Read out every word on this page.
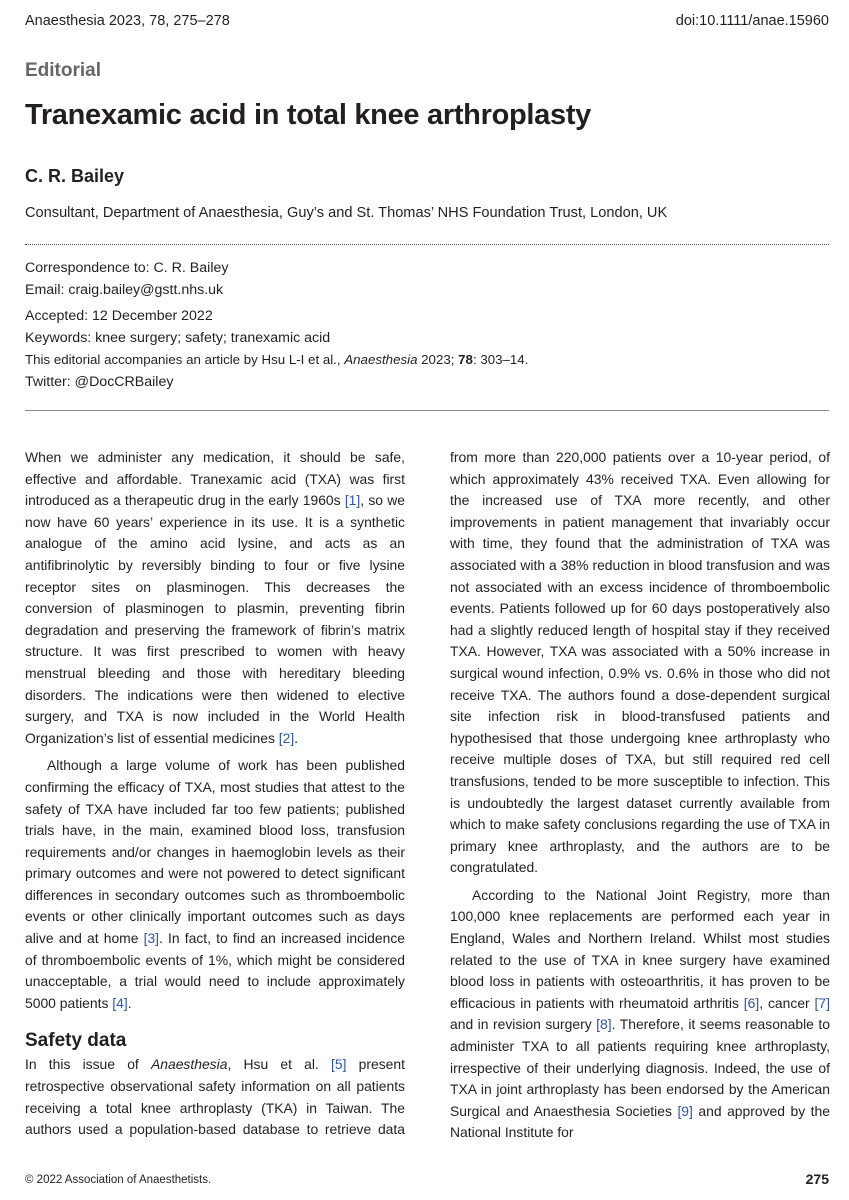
Anaesthesia 2023, 78, 275–278	doi:10.1111/anae.15960
Editorial
Tranexamic acid in total knee arthroplasty
C. R. Bailey
Consultant, Department of Anaesthesia, Guy’s and St. Thomas’ NHS Foundation Trust, London, UK
Correspondence to: C. R. Bailey
Email: craig.bailey@gstt.nhs.uk
Accepted: 12 December 2022
Keywords: knee surgery; safety; tranexamic acid
This editorial accompanies an article by Hsu L-I et al., Anaesthesia 2023; 78: 303–14.
Twitter: @DocCRBailey

When we administer any medication, it should be safe, effective and affordable. Tranexamic acid (TXA) was first introduced as a therapeutic drug in the early 1960s [1], so we now have 60 years’ experience in its use. It is a synthetic analogue of the amino acid lysine, and acts as an antifibrinolytic by reversibly binding to four or five lysine receptor sites on plasminogen. This decreases the conversion of plasminogen to plasmin, preventing fibrin degradation and preserving the framework of fibrin’s matrix structure. It was first prescribed to women with heavy menstrual bleeding and those with hereditary bleeding disorders. The indications were then widened to elective surgery, and TXA is now included in the World Health Organization’s list of essential medicines [2].

Although a large volume of work has been published confirming the efficacy of TXA, most studies that attest to the safety of TXA have included far too few patients; published trials have, in the main, examined blood loss, transfusion requirements and/or changes in haemoglobin levels as their primary outcomes and were not powered to detect significant differences in secondary outcomes such as thromboembolic events or other clinically important outcomes such as days alive and at home [3]. In fact, to find an increased incidence of thromboembolic events of 1%, which might be considered unacceptable, a trial would need to include approximately 5000 patients [4].

Safety data

In this issue of Anaesthesia, Hsu et al. [5] present retrospective observational safety information on all patients receiving a total knee arthroplasty (TKA) in Taiwan. The authors used a population-based database to retrieve data

from more than 220,000 patients over a 10-year period, of which approximately 43% received TXA. Even allowing for the increased use of TXA more recently, and other improvements in patient management that invariably occur with time, they found that the administration of TXA was associated with a 38% reduction in blood transfusion and was not associated with an excess incidence of thromboembolic events. Patients followed up for 60 days postoperatively also had a slightly reduced length of hospital stay if they received TXA. However, TXA was associated with a 50% increase in surgical wound infection, 0.9% vs. 0.6% in those who did not receive TXA. The authors found a dose-dependent surgical site infection risk in blood-transfused patients and hypothesised that those undergoing knee arthroplasty who receive multiple doses of TXA, but still required red cell transfusions, tended to be more susceptible to infection. This is undoubtedly the largest dataset currently available from which to make safety conclusions regarding the use of TXA in primary knee arthroplasty, and the authors are to be congratulated.

According to the National Joint Registry, more than 100,000 knee replacements are performed each year in England, Wales and Northern Ireland. Whilst most studies related to the use of TXA in knee surgery have examined blood loss in patients with osteoarthritis, it has proven to be efficacious in patients with rheumatoid arthritis [6], cancer [7] and in revision surgery [8]. Therefore, it seems reasonable to administer TXA to all patients requiring knee arthroplasty, irrespective of their underlying diagnosis. Indeed, the use of TXA in joint arthroplasty has been endorsed by the American Surgical and Anaesthesia Societies [9] and approved by the National Institute for

© 2022 Association of Anaesthetists.	275
